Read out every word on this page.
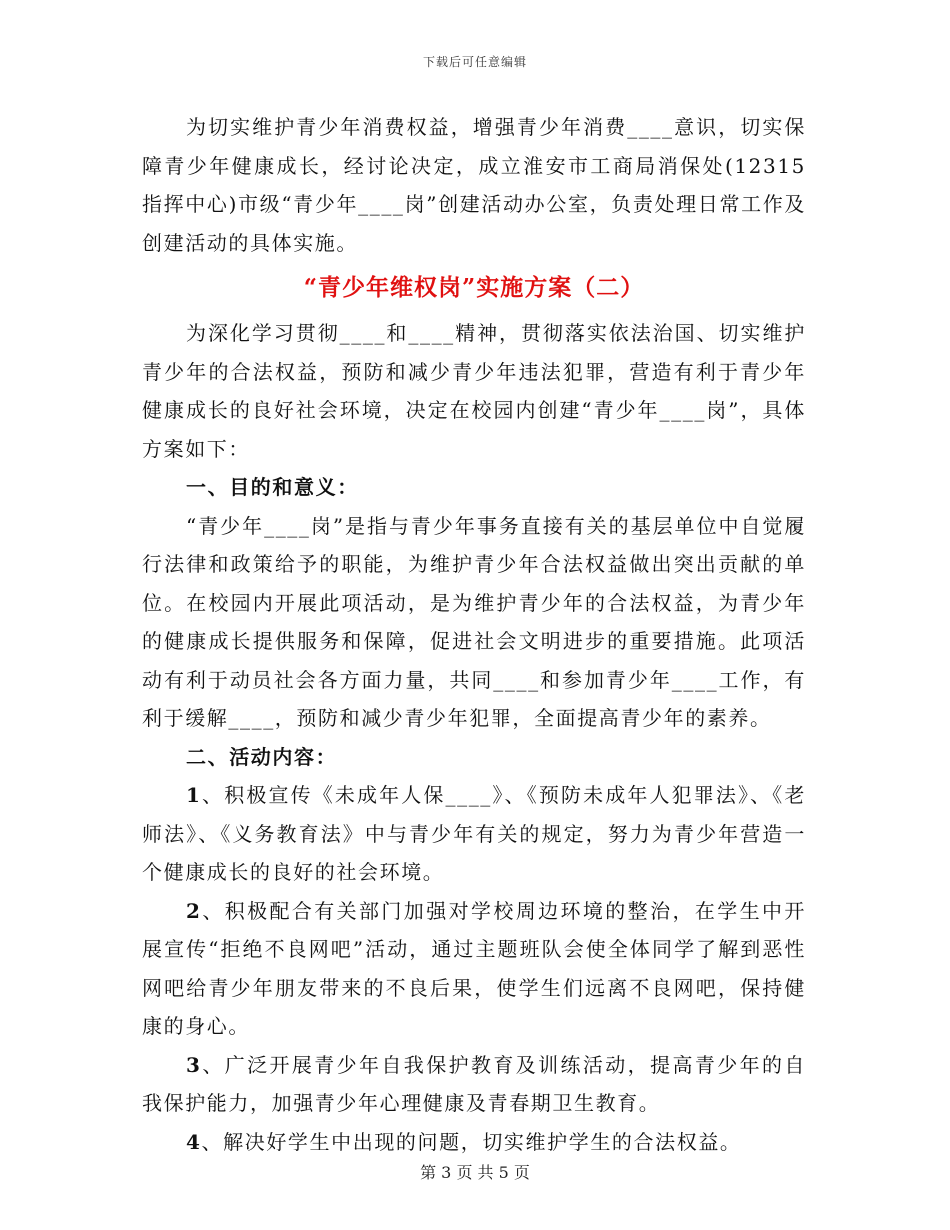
下载后可任意编辑

为切实维护青少年消费权益，增强青少年消费____意识，切实保障青少年健康成长，经讨论决定，成立淮安市工商局消保处(12315指挥中心)市级“青少年____岗”创建活动办公室，负责处理日常工作及创建活动的具体实施。

“青少年维权岗”实施方案（二）

为深化学习贯彻____和____精神，贯彻落实依法治国、切实维护青少年的合法权益，预防和减少青少年违法犯罪，营造有利于青少年健康成长的良好社会环境，决定在校园内创建“青少年____岗”，具体方案如下：

一、目的和意义：

“青少年____岗”是指与青少年事务直接有关的基层单位中自觉履行法律和政策给予的职能，为维护青少年合法权益做出突出贡献的单位。在校园内开展此项活动，是为维护青少年的合法权益，为青少年的健康成长提供服务和保障，促进社会文明进步的重要措施。此项活动有利于动员社会各方面力量，共同____和参加青少年____工作，有利于缓解____，预防和减少青少年犯罪，全面提高青少年的素养。

二、活动内容：

1、积极宣传《未成年人保____》、《预防未成年人犯罪法》、《老师法》、《义务教育法》中与青少年有关的规定，努力为青少年营造一个健康成长的良好的社会环境。

2、积极配合有关部门加强对学校周边环境的整治，在学生中开展宣传“拒绝不良网吧”活动，通过主题班队会使全体同学了解到恶性网吧给青少年朋友带来的不良后果，使学生们远离不良网吧，保持健康的身心。

3、广泛开展青少年自我保护教育及训练活动，提高青少年的自我保护能力，加强青少年心理健康及青春期卫生教育。

4、解决好学生中出现的问题，切实维护学生的合法权益。

第 3 页 共 5 页
